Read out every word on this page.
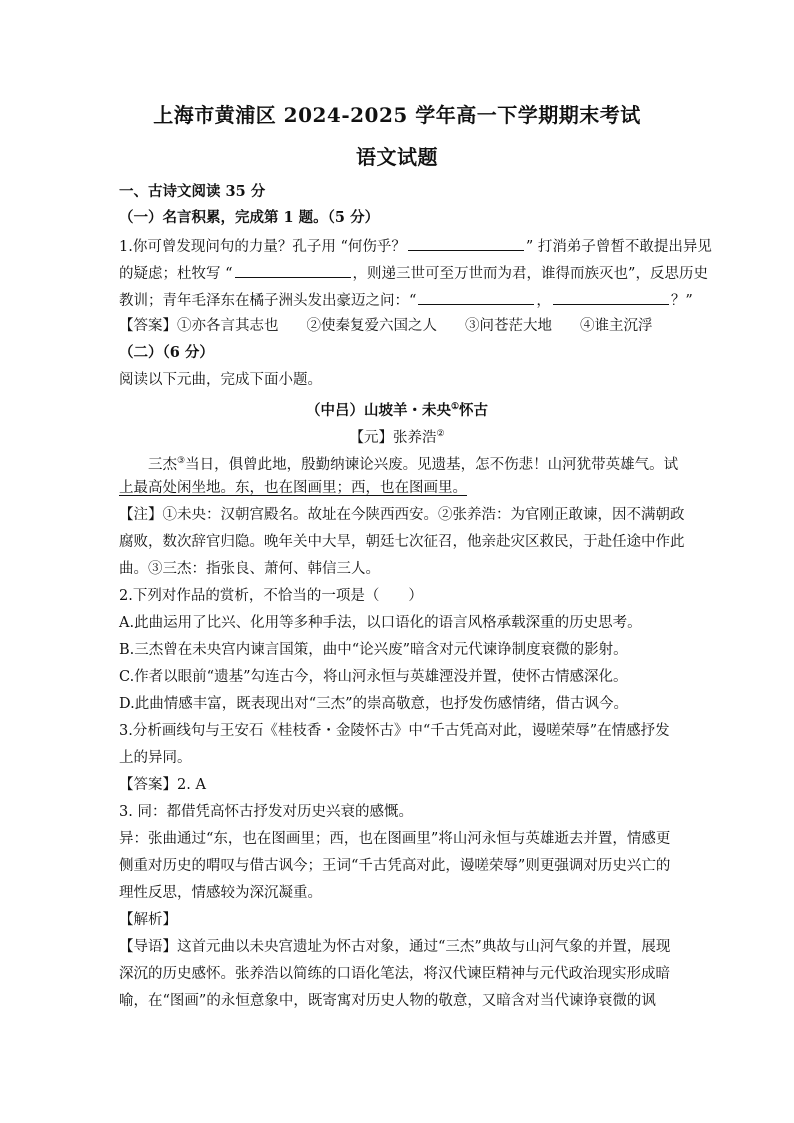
上海市黄浦区 2024-2025 学年高一下学期期末考试
语文试题
一、古诗文阅读 35 分
（一）名言积累，完成第 1 题。（5 分）
1.你可曾发现问句的力量？孔子用 “何伤乎？	” 打消弟子曾皙不敢提出异见
的疑虑；杜牧写 “	，则递三世可至万世而为君，谁得而族灭也”，反思历史
教训；青年毛泽东在橘子洲头发出豪迈之问：“	，	？”
【答案】①亦各言其志也 ②使秦复爱六国之人 ③问苍茫大地 ④谁主沉浮
（二）（6 分）
阅读以下元曲，完成下面小题。
（中吕）山坡羊・未央①怀古
【元】张养浩②
三杰③当日，俱曾此地，殷勤纳谏论兴废。见遗基，怎不伤悲！山河犹带英雄气。试
上最高处闲坐地。东，也在图画里；西，也在图画里。
【注】①未央：汉朝宫殿名。故址在今陕西西安。②张养浩：为官刚正敢谏，因不满朝政
腐败，数次辞官归隐。晚年关中大旱，朝廷七次征召，他亲赴灾区救民，于赴任途中作此
曲。③三杰：指张良、萧何、韩信三人。
2.下列对作品的赏析，不恰当的一项是（　　）
A.此曲运用了比兴、化用等多种手法，以口语化的语言风格承载深重的历史思考。
B.三杰曾在未央宫内谏言国策，曲中“论兴废”暗含对元代谏诤制度衰微的影射。
C.作者以眼前“遗基”勾连古今，将山河永恒与英雄湮没并置，使怀古情感深化。
D.此曲情感丰富，既表现出对“三杰”的崇高敬意，也抒发伤感情绪，借古讽今。
3.分析画线句与王安石《桂枝香・金陵怀古》中“千古凭高对此，谩嗟荣辱”在情感抒发
上的异同。
【答案】2. A
3. 同：都借凭高怀古抒发对历史兴衰的感慨。
异：张曲通过“东，也在图画里；西，也在图画里”将山河永恒与英雄逝去并置，情感更
侧重对历史的喟叹与借古讽今；王词“千古凭高对此，谩嗟荣辱”则更强调对历史兴亡的
理性反思，情感较为深沉凝重。
【解析】
【导语】这首元曲以未央宫遗址为怀古对象，通过“三杰”典故与山河气象的并置，展现
深沉的历史感怀。张养浩以简练的口语化笔法，将汉代谏臣精神与元代政治现实形成暗
喻，在“图画”的永恒意象中，既寄寓对历史人物的敬意，又暗含对当代谏诤衰微的讽
